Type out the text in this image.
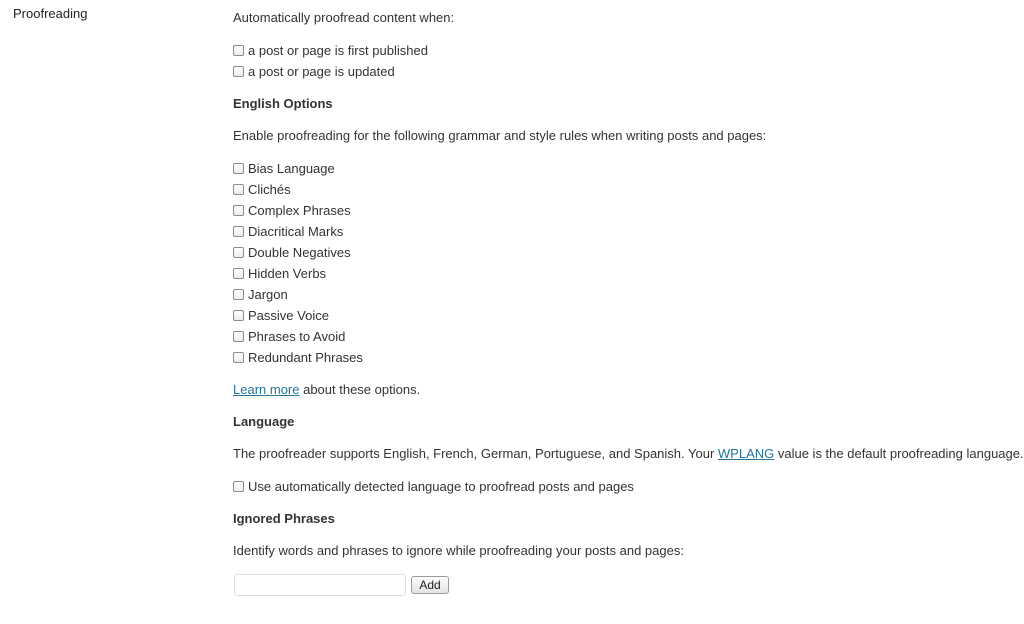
Proofreading	Automatically proofread content when:
a post or page is first published
a post or page is updated
English Options
Enable proofreading for the following grammar and style rules when writing posts and pages:
Bias Language
Clichés
Complex Phrases
Diacritical Marks
Double Negatives
Hidden Verbs
Jargon
Passive Voice
Phrases to Avoid
Redundant Phrases
Learn more about these options.
Language
The proofreader supports English, French, German, Portuguese, and Spanish. Your WPLANG value is the default proofreading language.
Use automatically detected language to proofread posts and pages
Ignored Phrases
Identify words and phrases to ignore while proofreading your posts and pages:
Add
